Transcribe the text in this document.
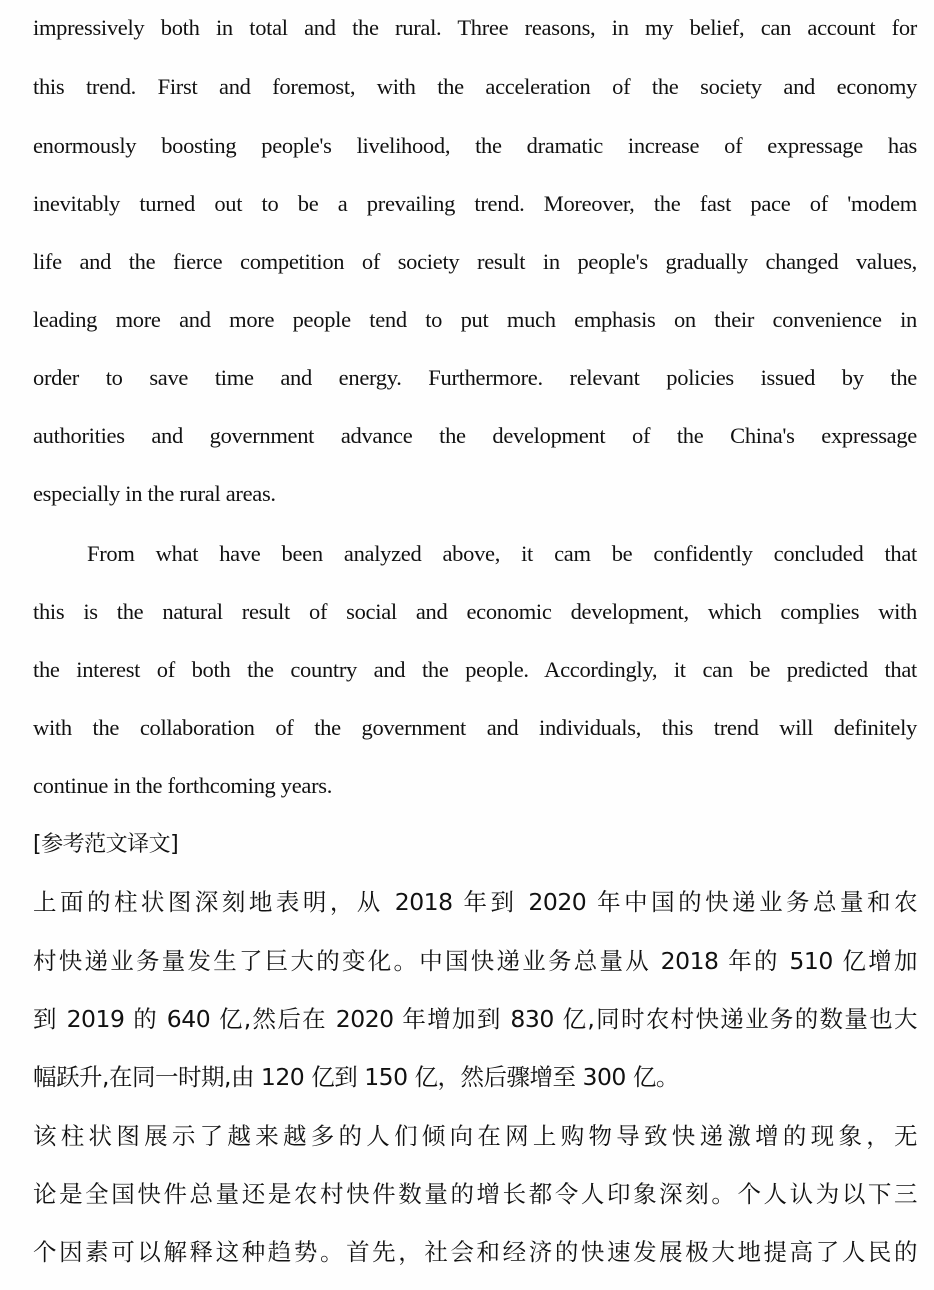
impressively both in total and the rural. Three reasons, in my belief, can account for
this trend. First and foremost, with the acceleration of the society and economy
enormously boosting people's livelihood, the dramatic increase of expressage has
inevitably turned out to be a prevailing trend. Moreover, the fast pace of 'modem
life and the fierce competition of society result in people's gradually changed values,
leading more and more people tend to put much emphasis on their convenience in
order to save time and energy. Furthermore. relevant policies issued by the
authorities and government advance the development of the China's expressage
especially in the rural areas.
From what have been analyzed above, it cam be confidently concluded that
this is the natural result of social and economic development, which complies with
the interest of both the country and the people. Accordingly, it can be predicted that
with the collaboration of the government and individuals, this trend will definitely
continue in the forthcoming years.
[参考范文译文]
上面的柱状图深刻地表明，从 2018 年到 2020 年中国的快递业务总量和农
村快递业务量发生了巨大的变化。中国快递业务总量从 2018 年的 510 亿增加
到 2019 的 640 亿,然后在 2020 年增加到 830 亿,同时农村快递业务的数量也大
幅跃升,在同一时期,由 120 亿到 150 亿，然后骤增至 300 亿。
该柱状图展示了越来越多的人们倾向在网上购物导致快递激增的现象，无
论是全国快件总量还是农村快件数量的增长都令人印象深刻。个人认为以下三
个因素可以解释这种趋势。首先，社会和经济的快速发展极大地提高了人民的
